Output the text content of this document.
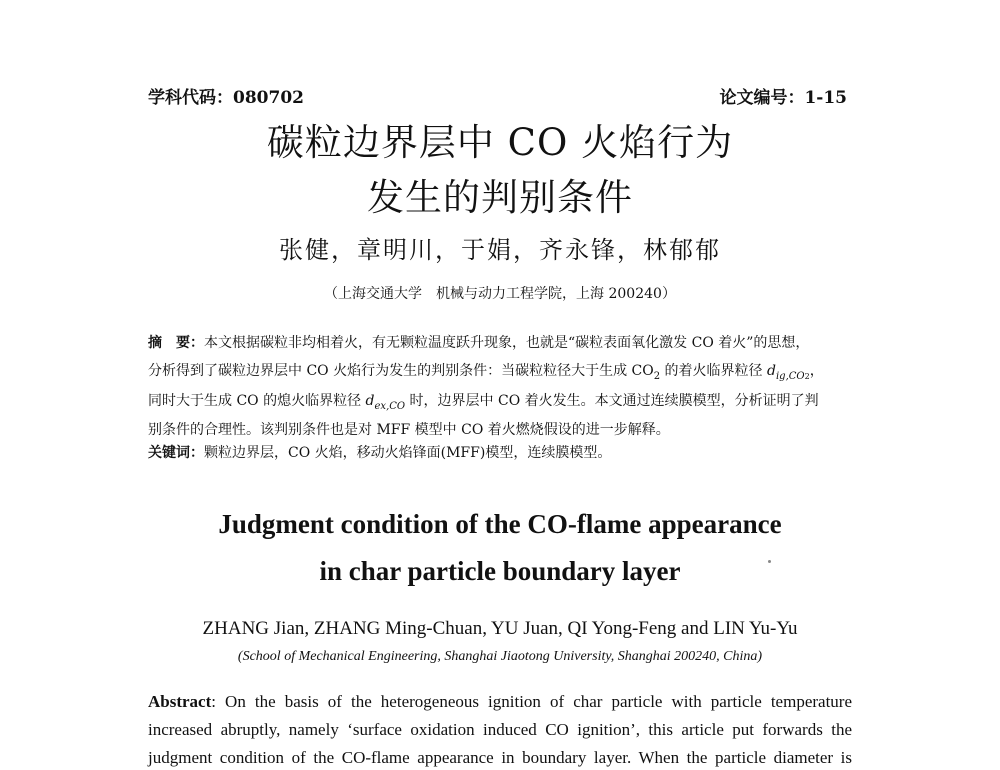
学科代码：080702	论文编号：1-15
碳粒边界层中 CO 火焰行为
发生的判别条件
张健，章明川，于娟，齐永锋，林郁郁
（上海交通大学　机械与动力工程学院，上海 200240）
摘　要：本文根据碳粒非均相着火，有无颗粒温度跃升现象，也就是“碳粒表面氧化激发 CO 着火”的思想，
分析得到了碳粒边界层中 CO 火焰行为发生的判别条件：当碳粒粒径大于生成 $CO_2$ 的着火临界粒径 $d_{ig,CO2}$，
同时大于生成 CO 的熄火临界粒径 $d_{ex,CO}$ 时，边界层中 CO 着火发生。本文通过连续膜模型，分析证明了判
别条件的合理性。该判别条件也是对 MFF 模型中 CO 着火燃烧假设的进一步解释。
关键词：颗粒边界层，CO 火焰，移动火焰锋面(MFF)模型，连续膜模型。
Judgment condition of the CO-flame appearance
in char particle boundary layer
ZHANG Jian, ZHANG Ming-Chuan, YU Juan, QI Yong-Feng and LIN Yu-Yu
(School of Mechanical Engineering, Shanghai Jiaotong University, Shanghai 200240, China)
Abstract: On the basis of the heterogeneous ignition of char particle with particle temperature
increased abruptly, namely ‘surface oxidation induced CO ignition’, this article put forwards the
judgment condition of the CO-flame appearance in boundary layer. When the particle diameter is
